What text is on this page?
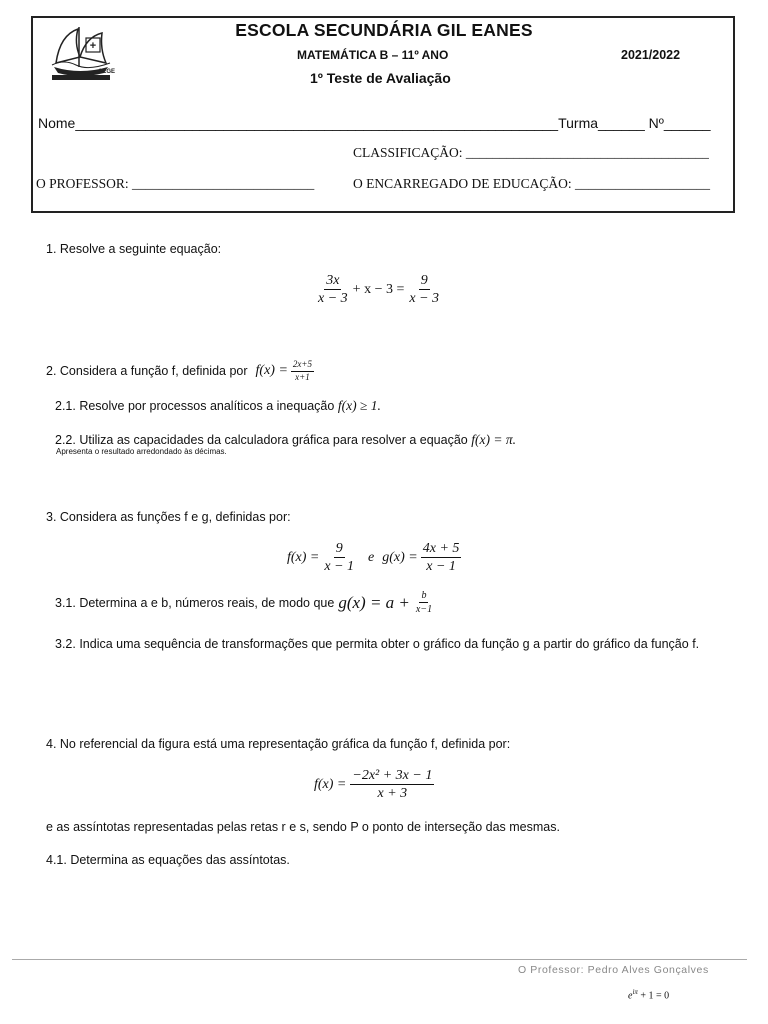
+
AEGE
ESCOLA SECUNDÁRIA GIL EANES
MATEMÁTICA B – 11º ANO	2021/2022
1º Teste de Avaliação
Nome______________________________________________________________Turma______ Nº______
CLASSIFICAÇÃO: ____________________________________
O PROFESSOR: ___________________________	O ENCARREGADO DE EDUCAÇÃO: ____________________
1. Resolve a seguinte equação:
$\frac{3x}{x - 3} + x - 3 = \frac{9}{x - 3}$
2. Considera a função f, definida por $f(x) = \frac{2x+5}{x+1}$
2.1. Resolve por processos analíticos a inequação f(x) ≥ 1.
2.2. Utiliza as capacidades da calculadora gráfica para resolver a equação f(x) = π.
Apresenta o resultado arredondado às décimas.
3. Considera as funções f e g, definidas por:
$f(x) = \frac{9}{x - 1}$ e $g(x) = \frac{4x + 5}{x - 1}$
3.1. Determina a e b, números reais, de modo que $g(x) = a + \frac{b}{x-1}$
3.2. Indica uma sequência de transformações que permita obter o gráfico da função g a partir do gráfico da função f.
4. No referencial da figura está uma representação gráfica da função f, definida por:
$f(x) = \frac{\text{−2x² + 3x − 1}}{x + 3}$
e as assíntotas representadas pelas retas r e s, sendo P o ponto de interseção das mesmas.
4.1. Determina as equações das assíntotas.
O Professor: Pedro Alves Gonçalves
$e^{i\pi} + 1 = 0$
